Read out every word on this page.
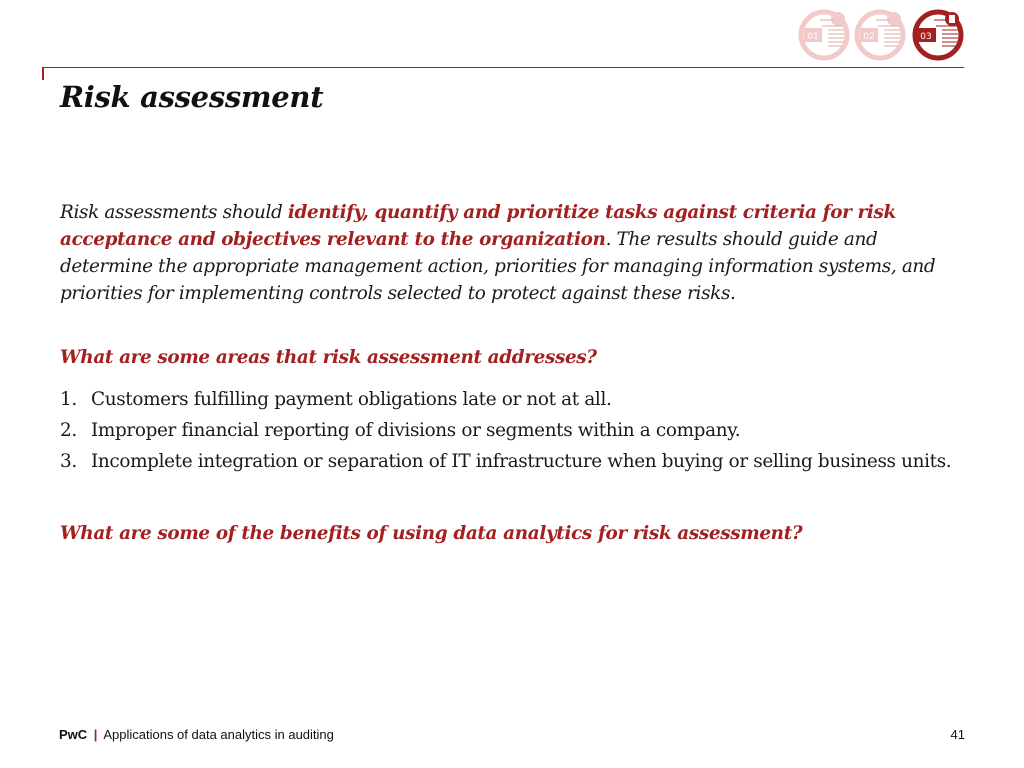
01	02	03
Risk assessment

Risk assessments should identify, quantify and prioritize tasks against criteria for risk acceptance and objectives relevant to the organization. The results should guide and determine the appropriate management action, priorities for managing information systems, and priorities for implementing controls selected to protect against these risks.

What are some areas that risk assessment addresses?

1. Customers fulfilling payment obligations late or not at all.
2. Improper financial reporting of divisions or segments within a company.
3. Incomplete integration or separation of IT infrastructure when buying or selling business units.

What are some of the benefits of using data analytics for risk assessment?

PwC | Applications of data analytics in auditing	41
